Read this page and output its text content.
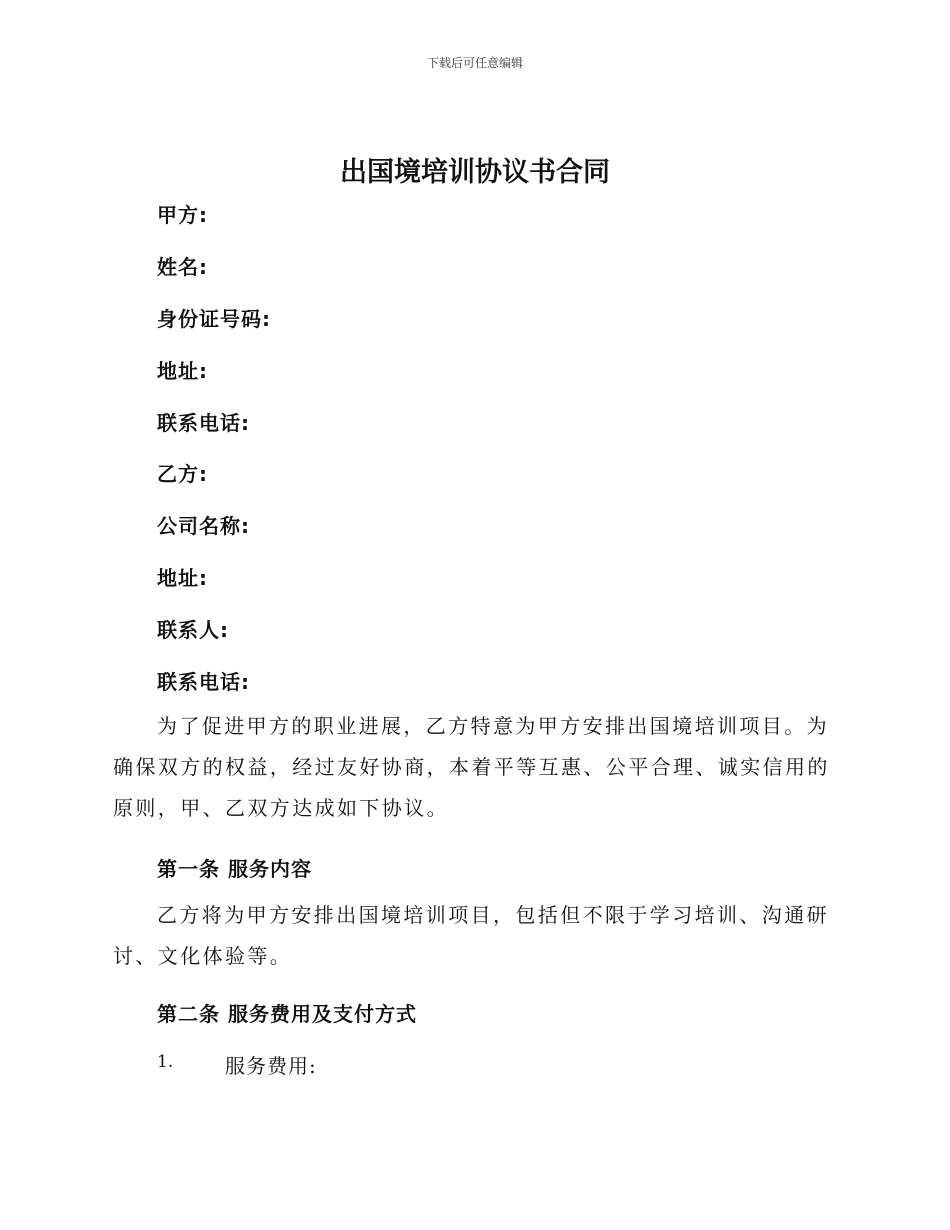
下载后可任意编辑
出国境培训协议书合同
甲方:
姓名:
身份证号码:
地址:
联系电话:
乙方:
公司名称:
地址:
联系人:
联系电话:
为了促进甲方的职业进展，乙方特意为甲方安排出国境培训项目。为确保双方的权益，经过友好协商，本着平等互惠、公平合理、诚实信用的原则，甲、乙双方达成如下协议。
第一条 服务内容
乙方将为甲方安排出国境培训项目，包括但不限于学习培训、沟通研讨、文化体验等。
第二条 服务费用及支付方式
1.	服务费用:
